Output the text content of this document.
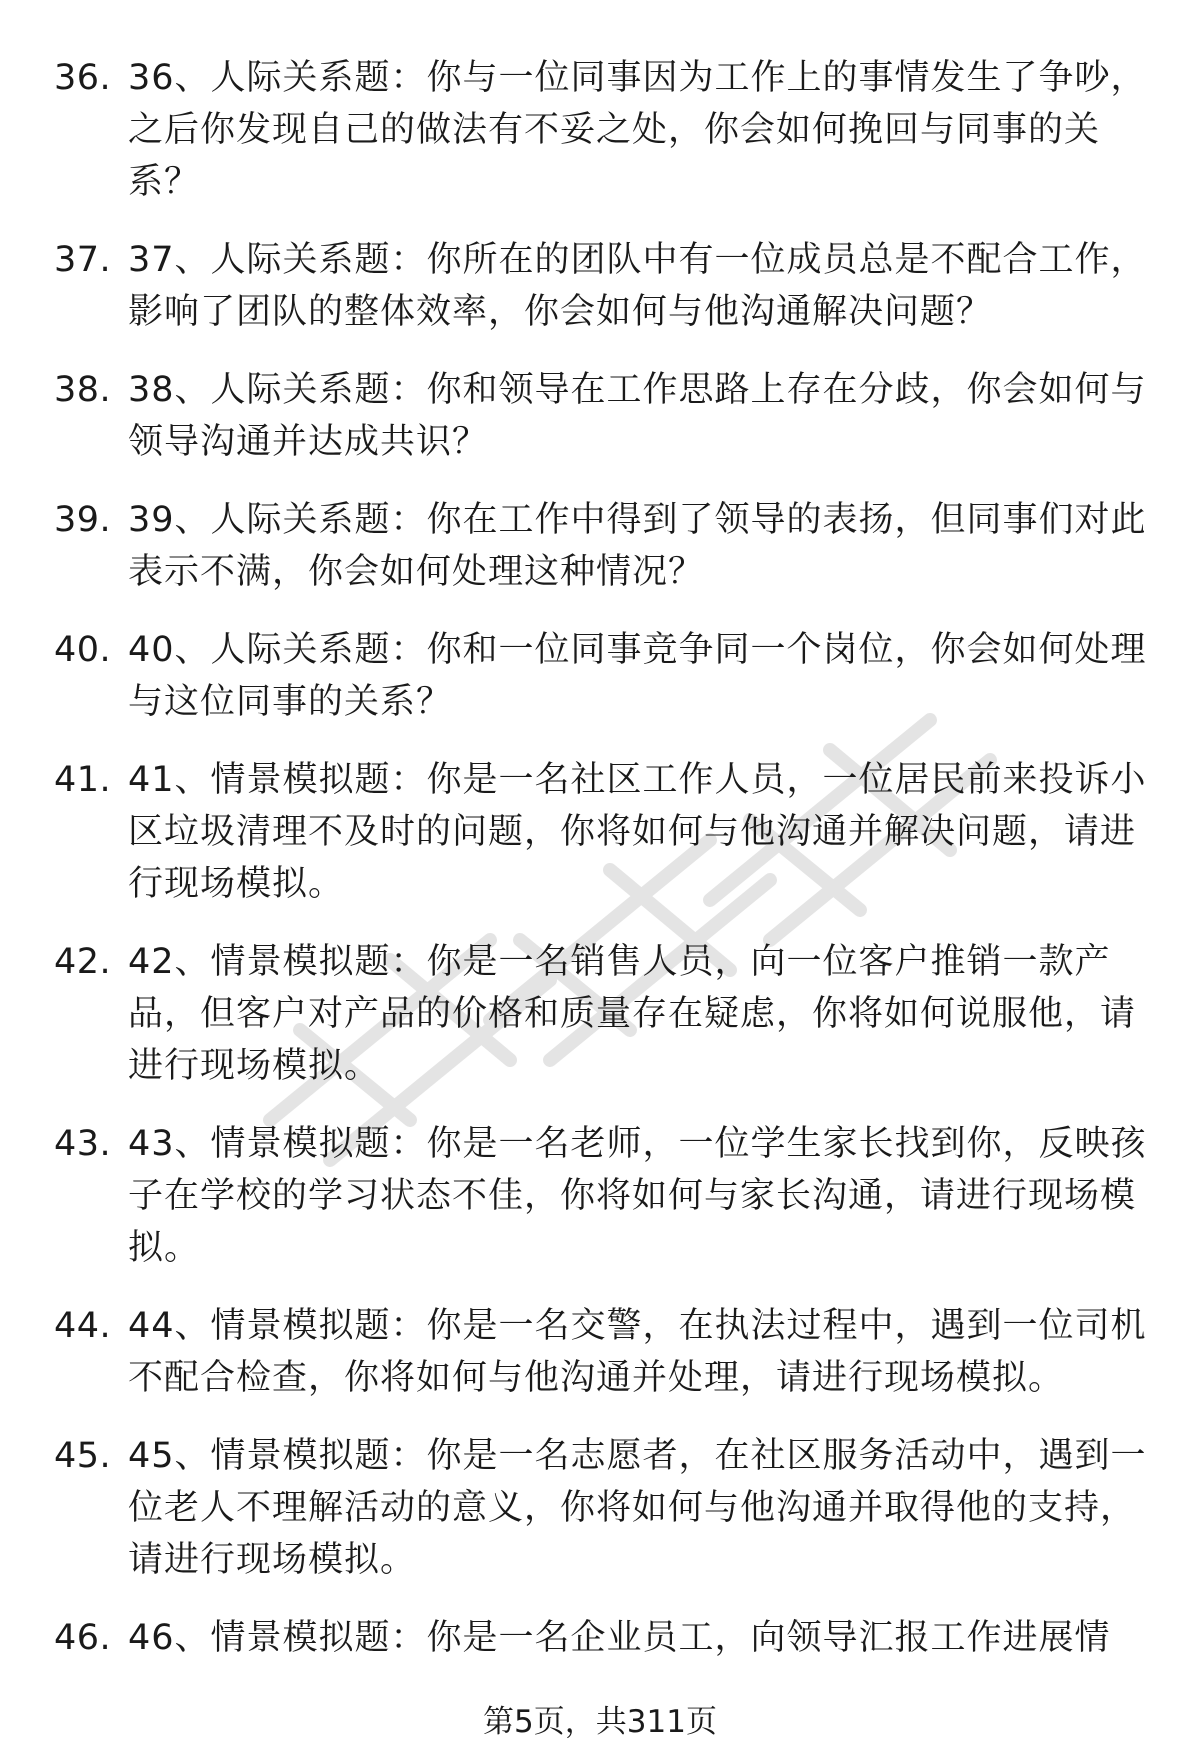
36. 36、人际关系题：你与一位同事因为工作上的事情发生了争吵，之后你发现自己的做法有不妥之处，你会如何挽回与同事的关系？
37. 37、人际关系题：你所在的团队中有一位成员总是不配合工作，影响了团队的整体效率，你会如何与他沟通解决问题？
38. 38、人际关系题：你和领导在工作思路上存在分歧，你会如何与领导沟通并达成共识？
39. 39、人际关系题：你在工作中得到了领导的表扬，但同事们对此表示不满，你会如何处理这种情况？
40. 40、人际关系题：你和一位同事竞争同一个岗位，你会如何处理与这位同事的关系？
41. 41、情景模拟题：你是一名社区工作人员，一位居民前来投诉小区垃圾清理不及时的问题，你将如何与他沟通并解决问题，请进行现场模拟。
42. 42、情景模拟题：你是一名销售人员，向一位客户推销一款产品，但客户对产品的价格和质量存在疑虑，你将如何说服他，请进行现场模拟。
43. 43、情景模拟题：你是一名老师，一位学生家长找到你，反映孩子在学校的学习状态不佳，你将如何与家长沟通，请进行现场模拟。
44. 44、情景模拟题：你是一名交警，在执法过程中，遇到一位司机不配合检查，你将如何与他沟通并处理，请进行现场模拟。
45. 45、情景模拟题：你是一名志愿者，在社区服务活动中，遇到一位老人不理解活动的意义，你将如何与他沟通并取得他的支持，请进行现场模拟。
46. 46、情景模拟题：你是一名企业员工，向领导汇报工作进展情
第5页，共311页
